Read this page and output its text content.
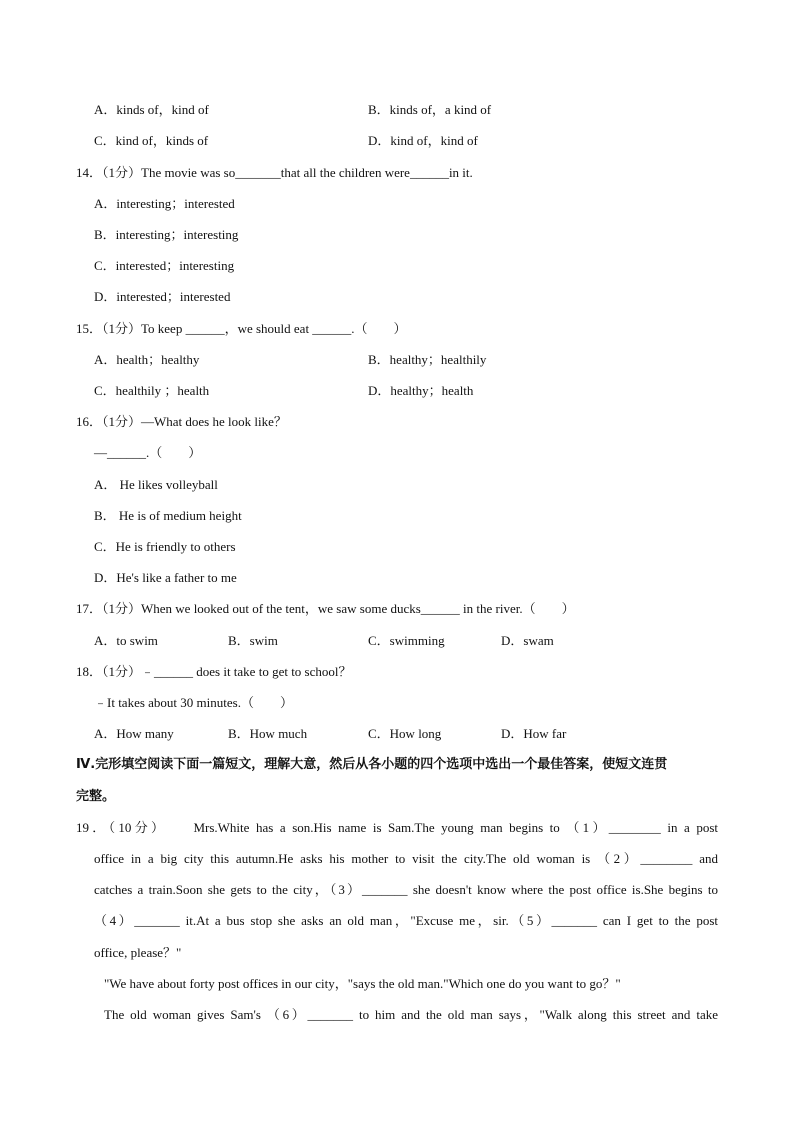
A．kinds of，kind of	B．kinds of，a kind of
C．kind of，kinds of	D．kind of，kind of
14．（1分）The movie was so_______that all the children were______in it.
A．interesting；interested
B．interesting；interesting
C．interested；interesting
D．interested；interested
15．（1分）To keep ______，we should eat ______.（　　）
A．health；healthy	B．healthy；healthily
C．healthily ；health	D．healthy；health
16．（1分）—What does he look like？
—______.（　　）
A． He likes volleyball
B． He is of medium height
C．He is friendly to others
D．He's like a father to me
17．（1分）When we looked out of the tent，we saw some ducks______ in the river.（　　）
A．to swim	B．swim	C．swimming	D．swam
18．（1分）﹣______ does it take to get to school？
﹣It takes about 30 minutes.（　　）
A．How many	B．How much	C．How long	D．How far
Ⅳ.完形填空阅读下面一篇短文，理解大意，然后从各小题的四个选项中选出一个最佳答案，使短文连贯
完整。
19．（10分）　　Mrs.White has a son.His name is Sam.The young man begins to （1）________ in a post
office in a big city this autumn.He asks his mother to visit the city.The old woman is （2）________ and
catches a train.Soon she gets to the city，（3）_______ she doesn't know where the post office is.She begins to
（4）_______ it.At a bus stop she asks an old man，"Excuse me，sir.（5）_______ can I get to the post
office, please？"
"We have about forty post offices in our city，"says the old man."Which one do you want to go？"
The old woman gives Sam's （6）_______ to him and the old man says，"Walk along this street and take
